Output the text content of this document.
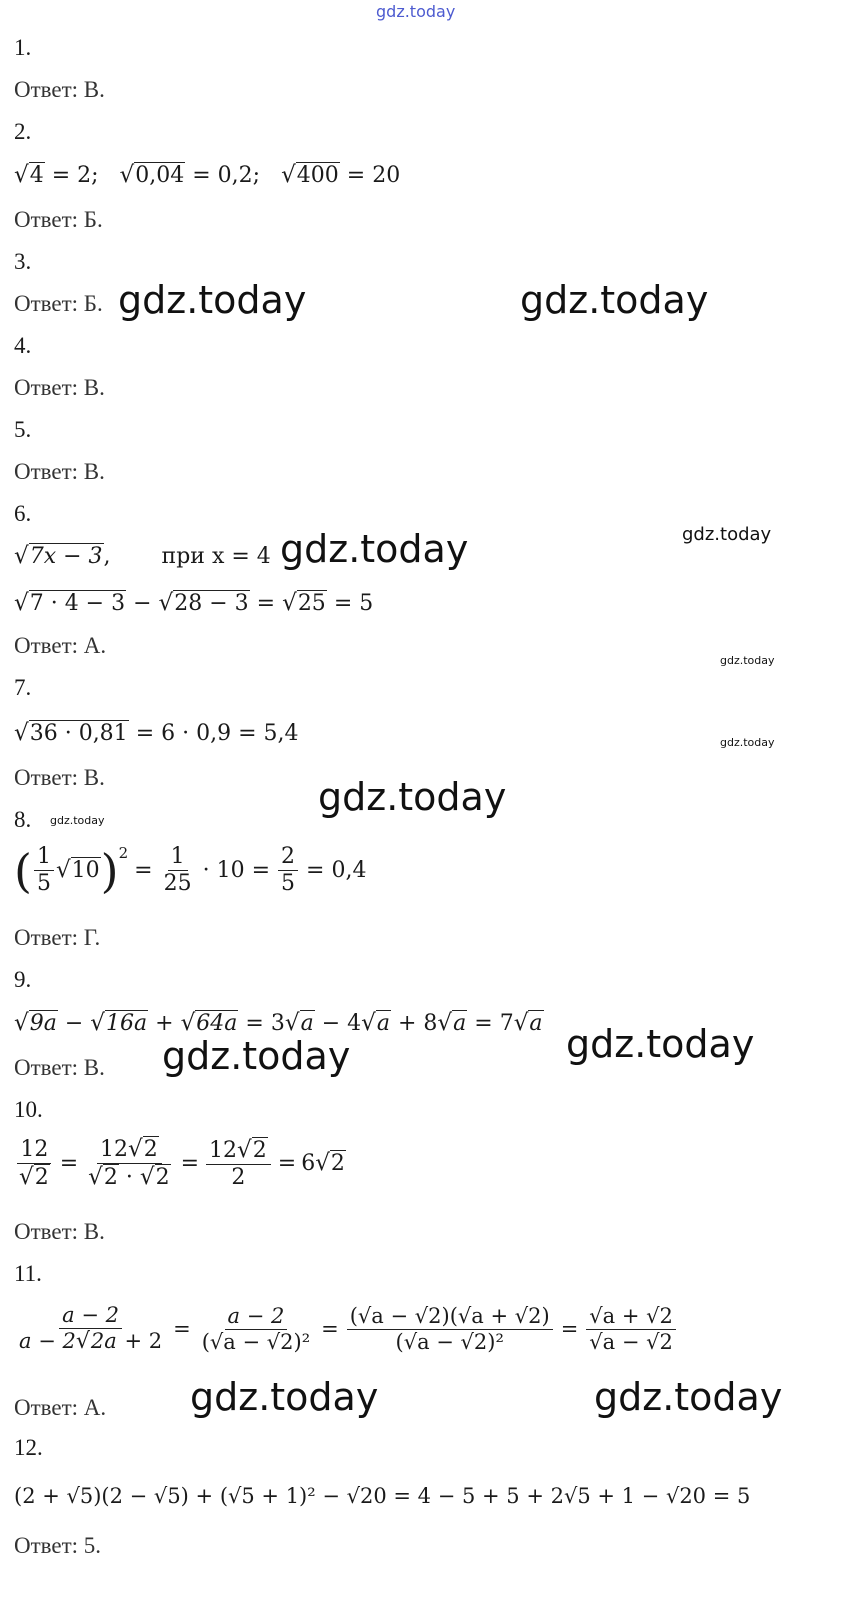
gdz.today
1.
Ответ: В.
2.
√4 = 2; √0,04 = 0,2; √400 = 20
Ответ: Б.
3.
Ответ: Б.
4.
Ответ: В.
5.
Ответ: В.
6.
√7x − 3, при x = 4
√7 · 4 − 3 − √28 − 3 = √25 = 5
Ответ: А.
7.
√36 · 0,81 = 6 · 0,9 = 5,4
Ответ: В.
8.
( $\frac{1}{5} √10$ )$^2$
= $\frac{1}{25} \cdot 10 = \frac{2}{5} = 0,4$
Ответ: Г.
9.
√9a − √16a + √64a = 3√a − 4√a + 8√a = 7√a
Ответ: В.
10.
$\frac{12}{√2} = \frac{12√2}{√2 \cdot √2} = \frac{12√2}{2} = 6$ √2
Ответ: В.
11.
$\frac{a - 2}{a - 2√2a + 2} = \frac{a - 2}{\text{(√a − √2)²}} = \frac{(√a - √2)(√a + √2)}{\text{(√a − √2)²}} = \frac{√a + √2}{√a - √2}$
Ответ: А.
12.
(2 + √5)(2 − √5) + (√5 + 1)² − √20 = 4 − 5 + 5 + 2√5 + 1 − √20 = 5
Ответ: 5.
gdz.today	gdz.today
gdz.today	gdz.today
gdz.today
gdz.today
gdz.today
gdz.today
gdz.today	gdz.today
gdz.today	gdz.today
